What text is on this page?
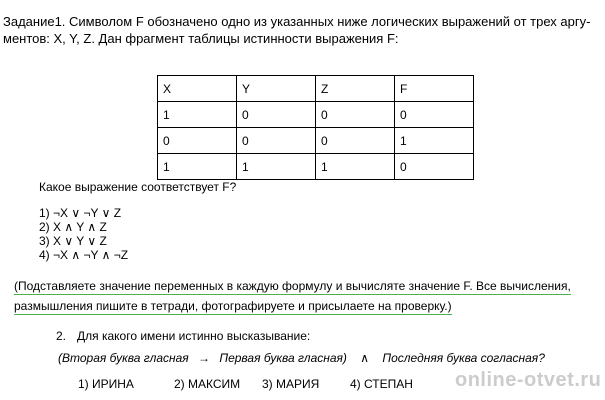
Задание1. Символом F обозначено одно из указанных ниже логических выражений от трех аргу-
ментов: X, Y, Z. Дан фрагмент таблицы истинности выражения F:
X	Y	Z	F
1	0	0	0
0	0	0	1
1	1	1	0
Какое выражение соответствует F?
1) ¬X ∨ ¬Y ∨ Z
2) X ∧ Y ∧ Z
3) X ∨ Y ∨ Z
4) ¬X ∧ ¬Y ∧ ¬Z
(Подставляете значение переменных в каждую формулу и вычисляте значение F. Все вычисления,
размышления пишите в тетради, фотографируете и присылаете на проверку.)
2. Для какого имени истинно высказывание:
(Вторая буква гласная → Первая буква гласная) ∧ Последняя буква согласная?
1) ИРИНА	2) МАКСИМ 3) МАРИЯ	4) СТЕПАН online-otvet.ru
